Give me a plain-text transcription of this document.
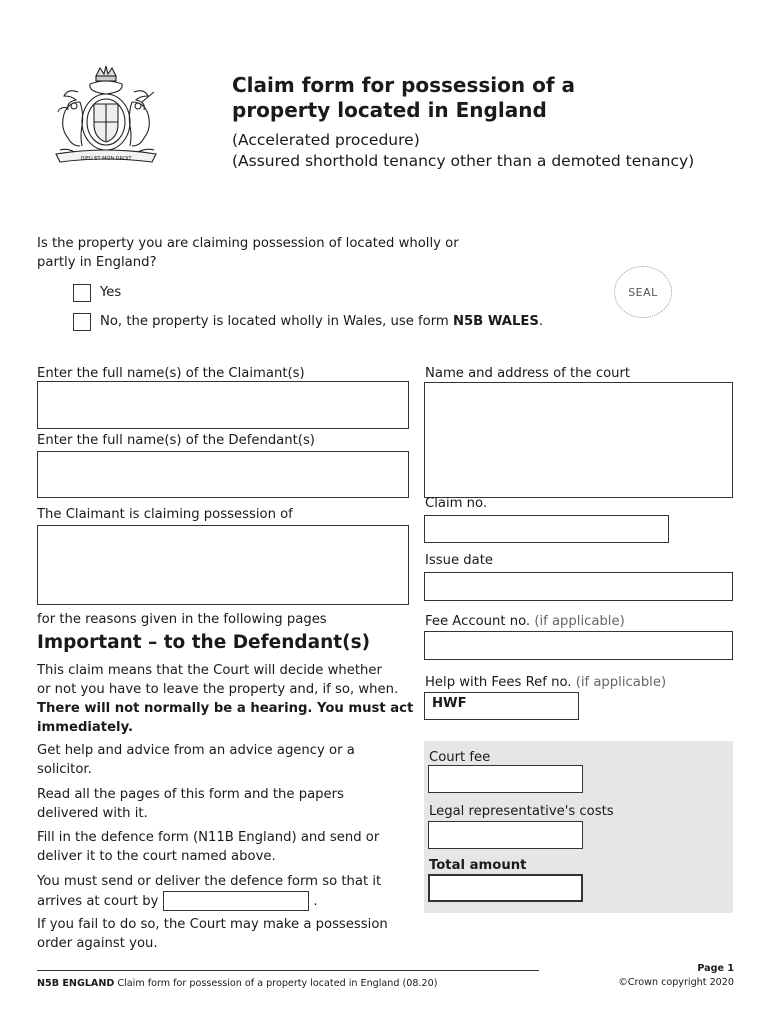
DIEU ET MON DROIT
Claim form for possession of a
property located in England
(Accelerated procedure)
(Assured shorthold tenancy other than a demoted tenancy)
Is the property you are claiming possession of located wholly or
partly in England?
Yes
No, the property is located wholly in Wales, use form N5B WALES.
SEAL
Enter the full name(s) of the Claimant(s)
Enter the full name(s) of the Defendant(s)
The Claimant is claiming possession of
for the reasons given in the following pages
Name and address of the court
Claim no.
Issue date
Fee Account no. (if applicable)
Help with Fees Ref no. (if applicable)
HWF
Court fee
Legal representative's costs
Total amount
Important – to the Defendant(s)
This claim means that the Court will decide whether
or not you have to leave the property and, if so, when.
There will not normally be a hearing. You must act
immediately.
Get help and advice from an advice agency or a
solicitor.
Read all the pages of this form and the papers
delivered with it.
Fill in the defence form (N11B England) and send or
deliver it to the court named above.
You must send or deliver the defence form so that it
arrives at court by	.
If you fail to do so, the Court may make a possession
order against you.
N5B ENGLAND Claim form for possession of a property located in England (08.20)
Page 1
©Crown copyright 2020
